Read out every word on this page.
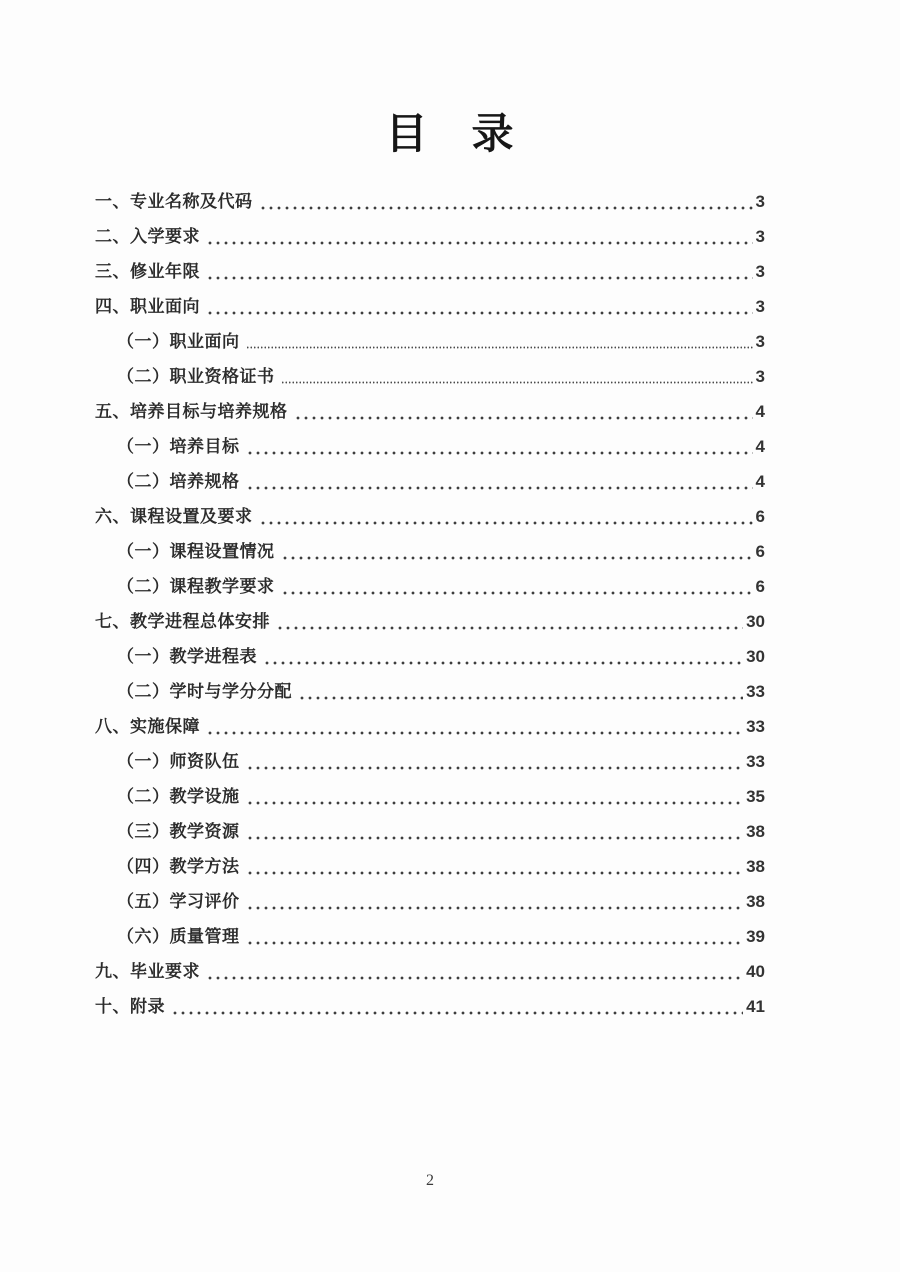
目　录
一、专业名称及代码	3
二、入学要求	3
三、修业年限	3
四、职业面向	3
（一）职业面向	3
（二）职业资格证书	3
五、培养目标与培养规格	4
（一）培养目标	4
（二）培养规格	4
六、课程设置及要求	6
（一）课程设置情况	6
（二）课程教学要求	6
七、教学进程总体安排	30
（一）教学进程表	30
（二）学时与学分分配	33
八、实施保障	33
（一）师资队伍	33
（二）教学设施	35
（三）教学资源	38
（四）教学方法	38
（五）学习评价	38
（六）质量管理	39
九、毕业要求	40
十、附录	41
2
